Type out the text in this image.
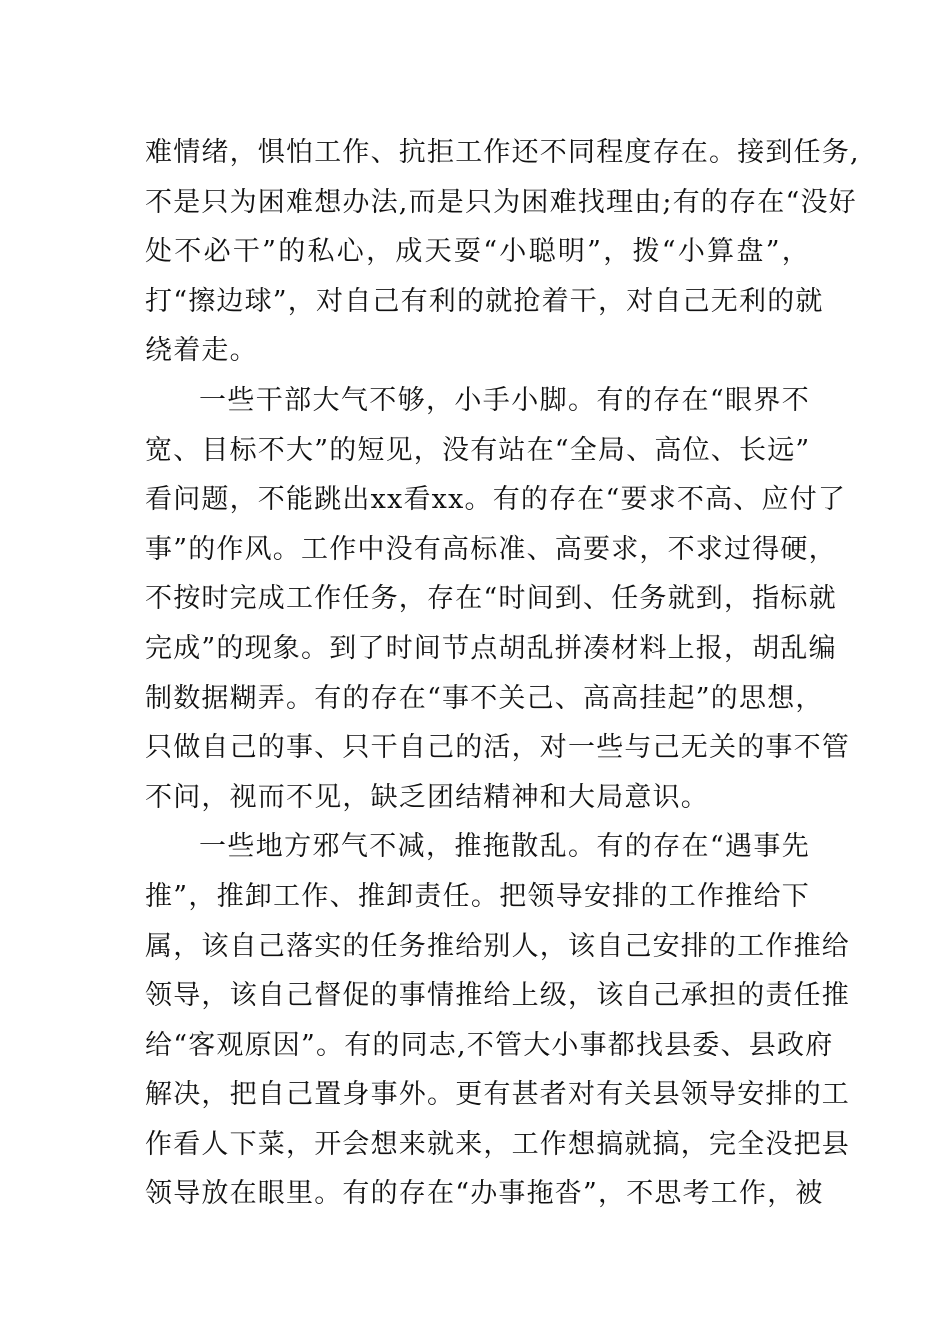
难情绪，惧怕工作、抗拒工作还不同程度存在。接到任务,
不是只为困难想办法,而是只为困难找理由;有的存在“没好
处不必干”的私心，成天耍“小聪明”，拨“小算盘”，
打“擦边球”，对自己有利的就抢着干，对自己无利的就
绕着走。
一些干部大气不够，小手小脚。有的存在“眼界不
宽、目标不大”的短见，没有站在“全局、高位、长远”
看问题，不能跳出xx看xx。有的存在“要求不高、应付了
事”的作风。工作中没有高标准、高要求，不求过得硬，
不按时完成工作任务，存在“时间到、任务就到，指标就
完成”的现象。到了时间节点胡乱拼凑材料上报，胡乱编
制数据糊弄。有的存在“事不关己、高高挂起”的思想，
只做自己的事、只干自己的活，对一些与己无关的事不管
不问，视而不见，缺乏团结精神和大局意识。
一些地方邪气不减，推拖散乱。有的存在“遇事先
推”，推卸工作、推卸责任。把领导安排的工作推给下
属，该自己落实的任务推给别人，该自己安排的工作推给
领导，该自己督促的事情推给上级，该自己承担的责任推
给“客观原因”。有的同志,不管大小事都找县委、县政府
解决，把自己置身事外。更有甚者对有关县领导安排的工
作看人下菜，开会想来就来，工作想搞就搞，完全没把县
领导放在眼里。有的存在“办事拖沓”，不思考工作，被
